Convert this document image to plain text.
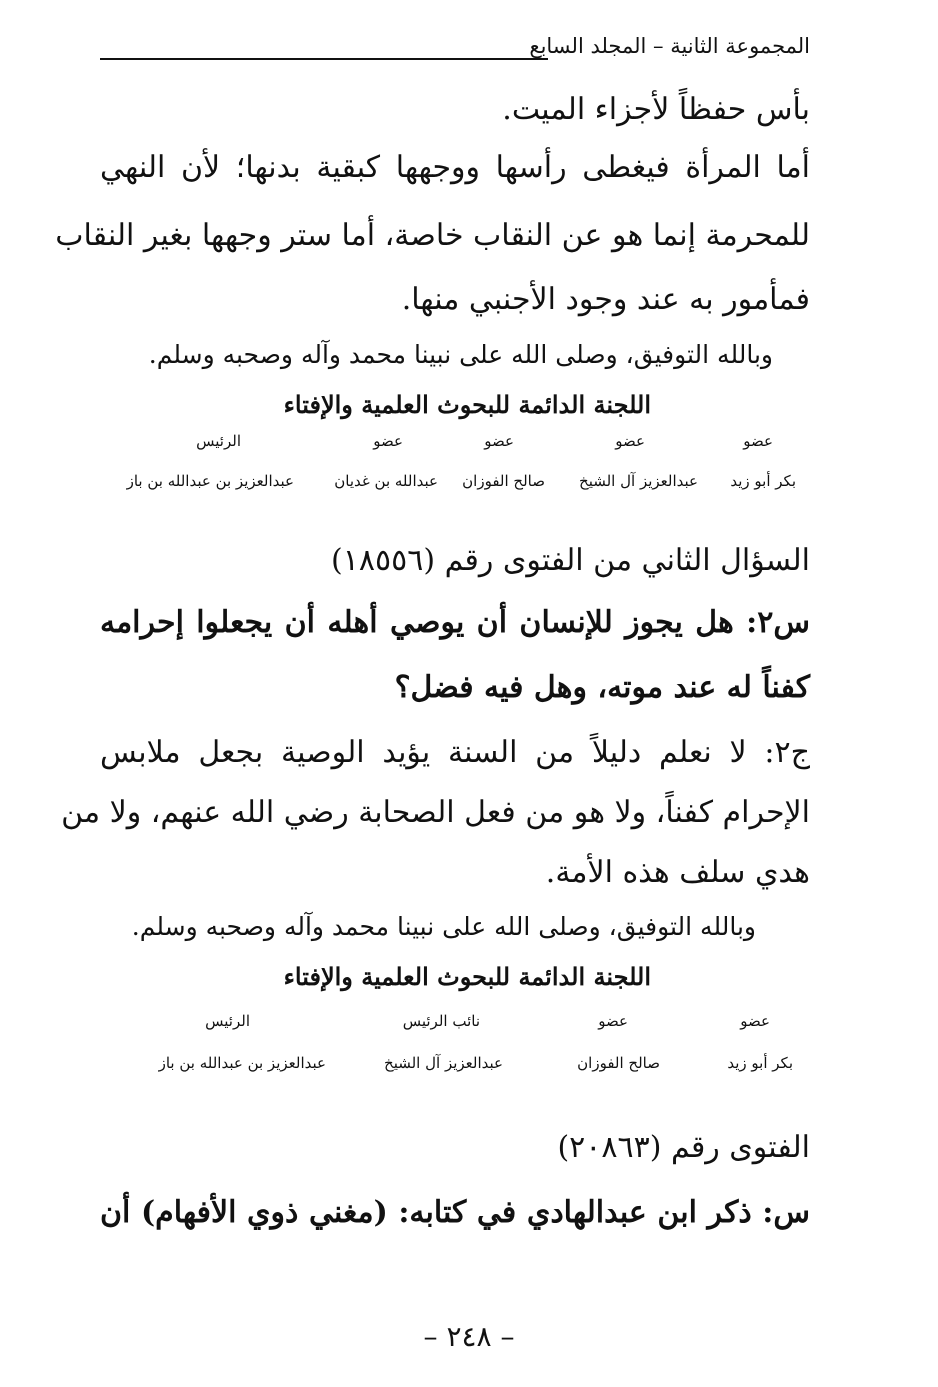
المجموعة الثانية – المجلد السابع
بأس حفظاً لأجزاء الميت.
أما المرأة فيغطى رأسها ووجهها كبقية بدنها؛ لأن النهي
للمحرمة إنما هو عن النقاب خاصة، أما ستر وجهها بغير النقاب
فمأمور به عند وجود الأجنبي منها.
وبالله التوفيق، وصلى الله على نبينا محمد وآله وصحبه وسلم.
اللجنة الدائمة للبحوث العلمية والإفتاء
عضو
عضو
عضو
عضو
الرئيس
بكر أبو زيد
عبدالعزيز آل الشيخ
صالح الفوزان
عبدالله بن غديان
عبدالعزيز بن عبدالله بن باز
السؤال الثاني من الفتوى رقم (١٨٥٥٦)
س٢: هل يجوز للإنسان أن يوصي أهله أن يجعلوا إحرامه
كفناً له عند موته، وهل فيه فضل؟
ج٢: لا نعلم دليلاً من السنة يؤيد الوصية بجعل ملابس
الإحرام كفناً، ولا هو من فعل الصحابة رضي الله عنهم، ولا من
هدي سلف هذه الأمة.
وبالله التوفيق، وصلى الله على نبينا محمد وآله وصحبه وسلم.
اللجنة الدائمة للبحوث العلمية والإفتاء
عضو
عضو
نائب الرئيس
الرئيس
بكر أبو زيد
صالح الفوزان
عبدالعزيز آل الشيخ
عبدالعزيز بن عبدالله بن باز
الفتوى رقم (٢٠٨٦٣)
س: ذكر ابن عبدالهادي في كتابه: (مغني ذوي الأفهام) أن
– ٢٤٨ –
